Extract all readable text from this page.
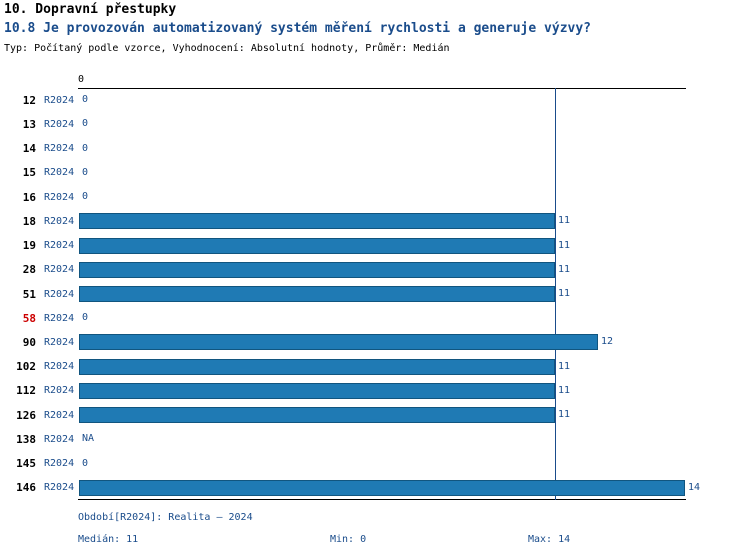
10. Dopravní přestupky
10.8 Je provozován automatizovaný systém měření rychlosti a generuje výzvy?
Typ: Počítaný podle vzorce, Vyhodnocení: Absolutní hodnoty, Průměr: Medián
0
12 R2024 0
13 R2024 0
14 R2024 0
15 R2024 0
16 R2024 0
18 R2024	11
19 R2024	11
28 R2024	11
51 R2024	11
58 R2024 0
90 R2024	12
102 R2024	11
112 R2024	11
126 R2024	11
138 R2024 NA
145 R2024 0
146 R2024	14
Období[R2024]: Realita – 2024
Medián: 11	Min: 0	Max: 14
